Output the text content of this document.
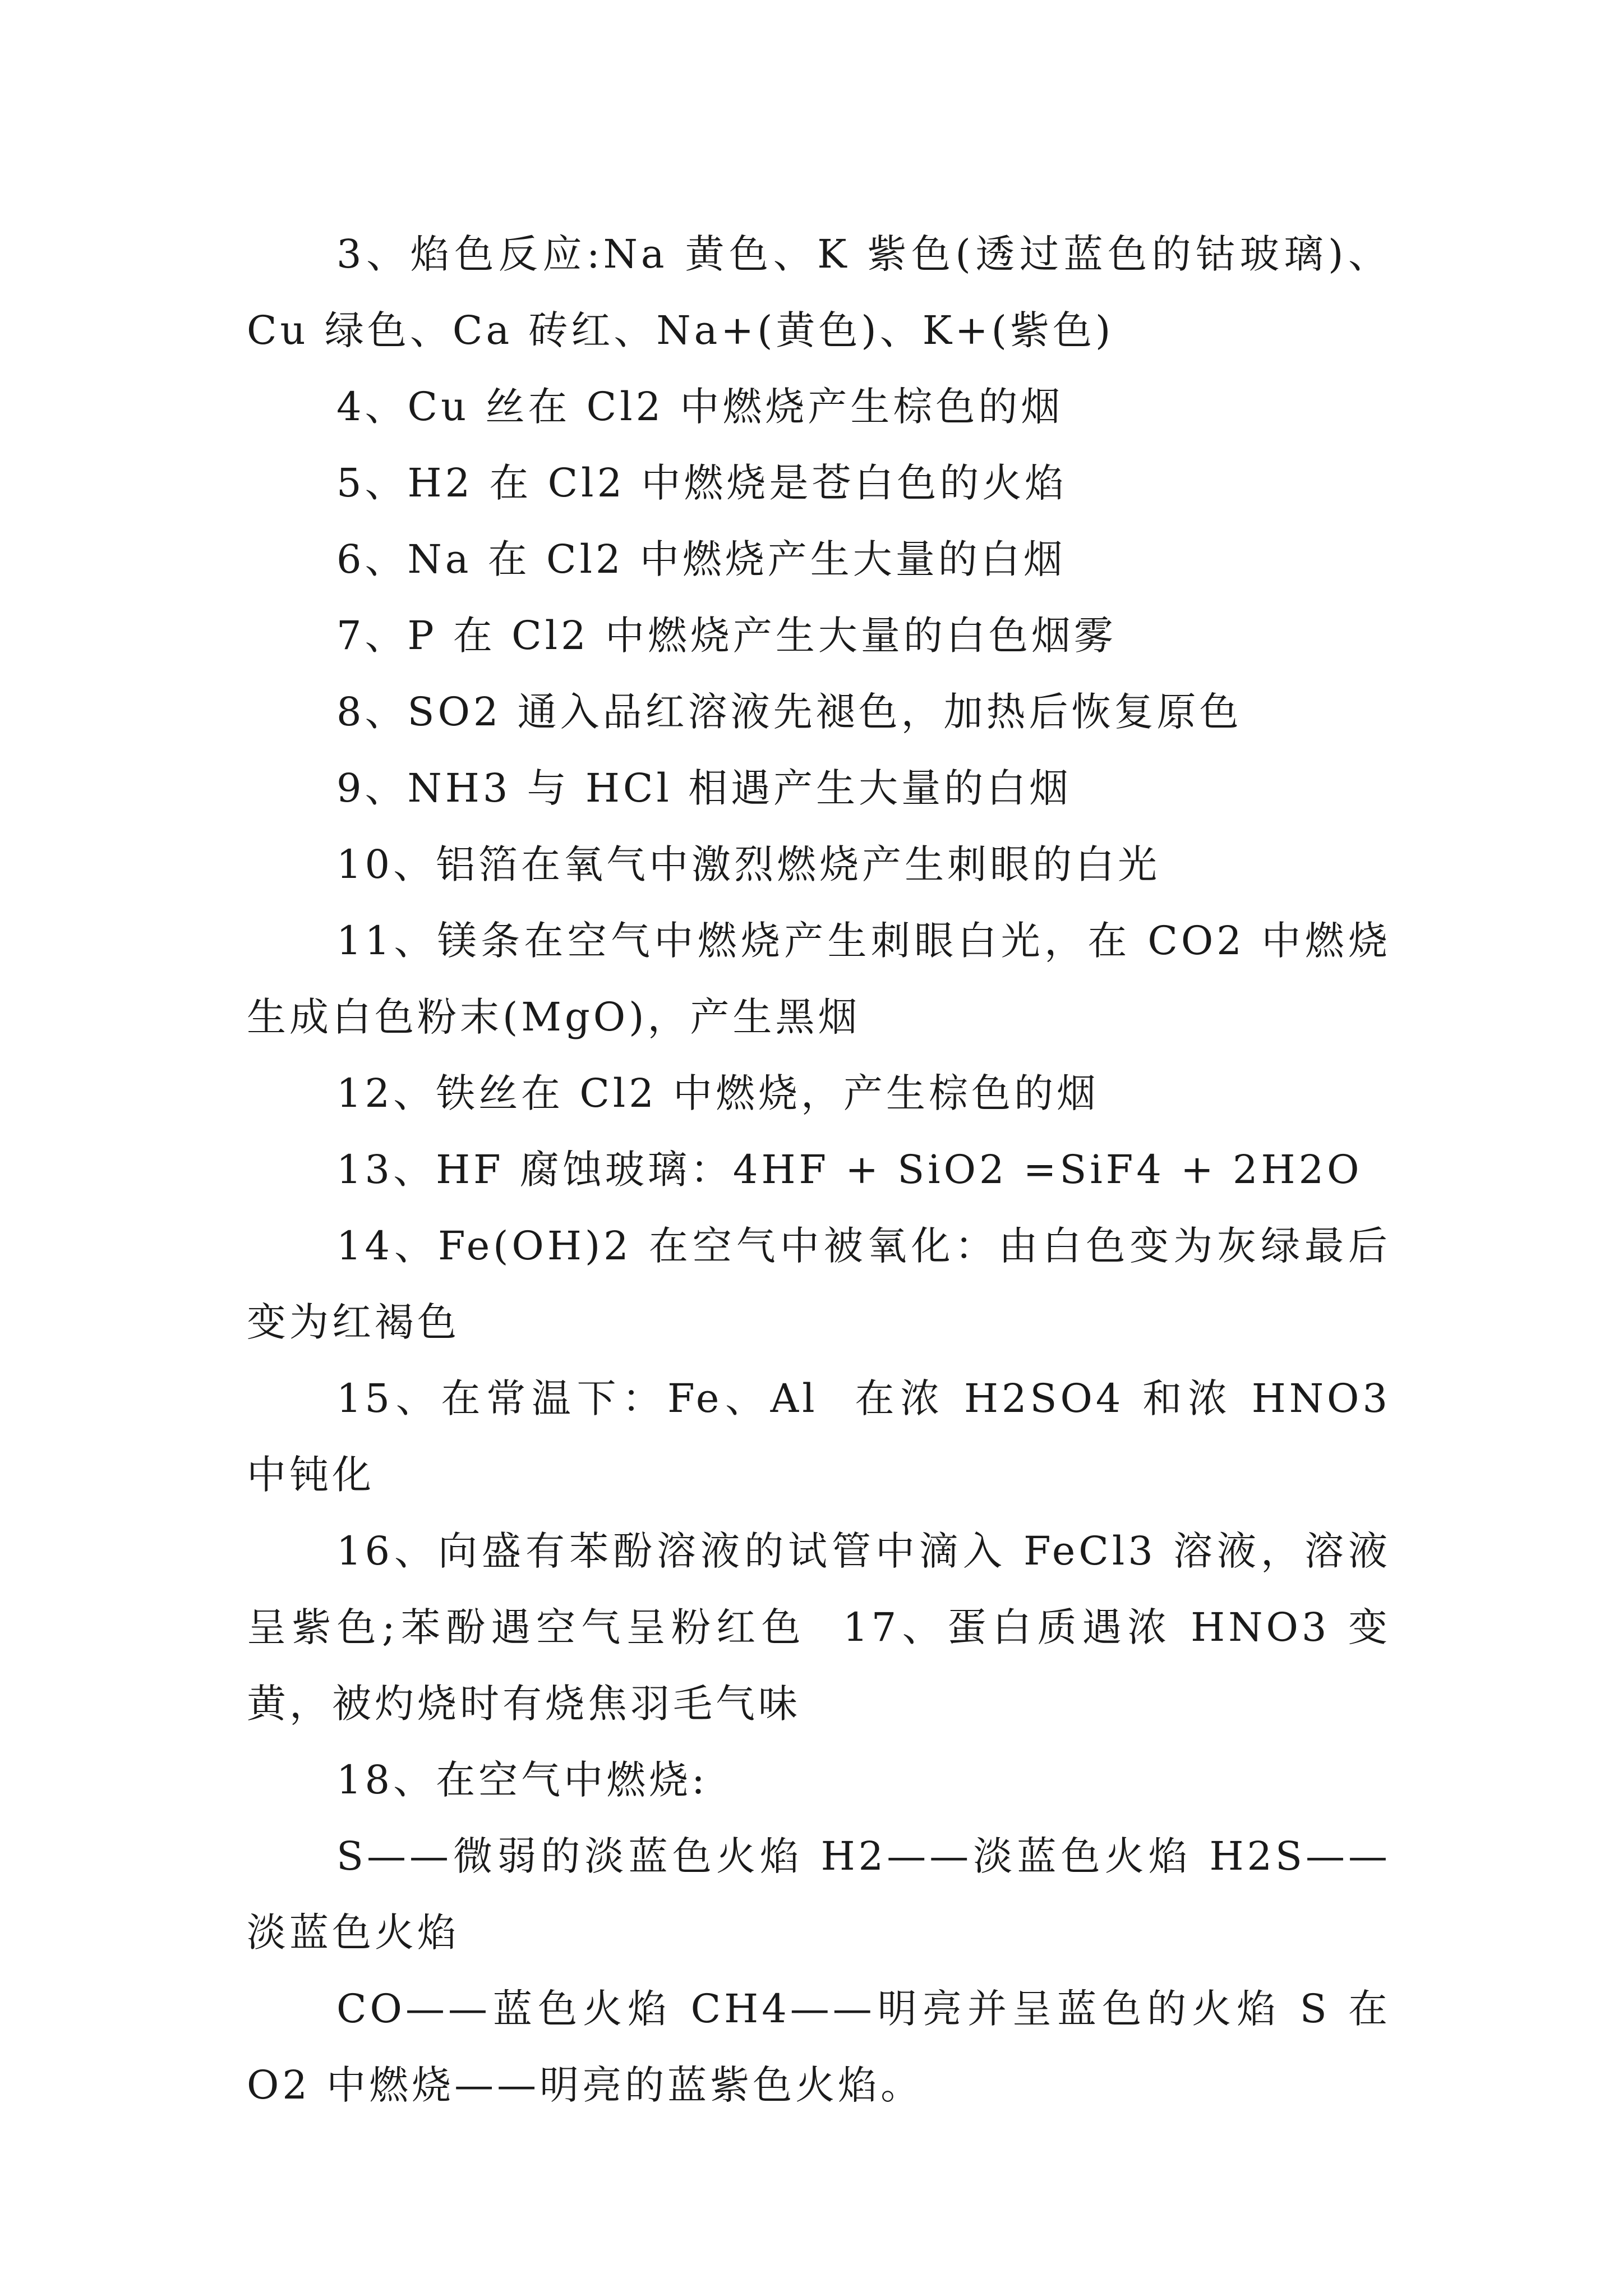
3、焰色反应:Na 黄色、K 紫色(透过蓝色的钴玻璃)、Cu 绿色、Ca 砖红、Na+(黄色)、K+(紫色)

4、Cu 丝在 Cl2 中燃烧产生棕色的烟

5、H2 在 Cl2 中燃烧是苍白色的火焰

6、Na 在 Cl2 中燃烧产生大量的白烟

7、P 在 Cl2 中燃烧产生大量的白色烟雾

8、SO2 通入品红溶液先褪色，加热后恢复原色

9、NH3 与 HCl 相遇产生大量的白烟

10、铝箔在氧气中激烈燃烧产生刺眼的白光

11、镁条在空气中燃烧产生刺眼白光，在 CO2 中燃烧生成白色粉末(MgO)，产生黑烟

12、铁丝在 Cl2 中燃烧，产生棕色的烟

13、HF 腐蚀玻璃：4HF + SiO2 =SiF4 + 2H2O

14、Fe(OH)2 在空气中被氧化：由白色变为灰绿最后变为红褐色

15、在常温下：Fe、Al  在浓 H2SO4 和浓 HNO3 中钝化

16、向盛有苯酚溶液的试管中滴入 FeCl3 溶液，溶液呈紫色;苯酚遇空气呈粉红色  17、蛋白质遇浓 HNO3 变黄，被灼烧时有烧焦羽毛气味

18、在空气中燃烧:

S——微弱的淡蓝色火焰 H2——淡蓝色火焰 H2S——淡蓝色火焰

CO——蓝色火焰 CH4——明亮并呈蓝色的火焰 S 在 O2 中燃烧——明亮的蓝紫色火焰。
